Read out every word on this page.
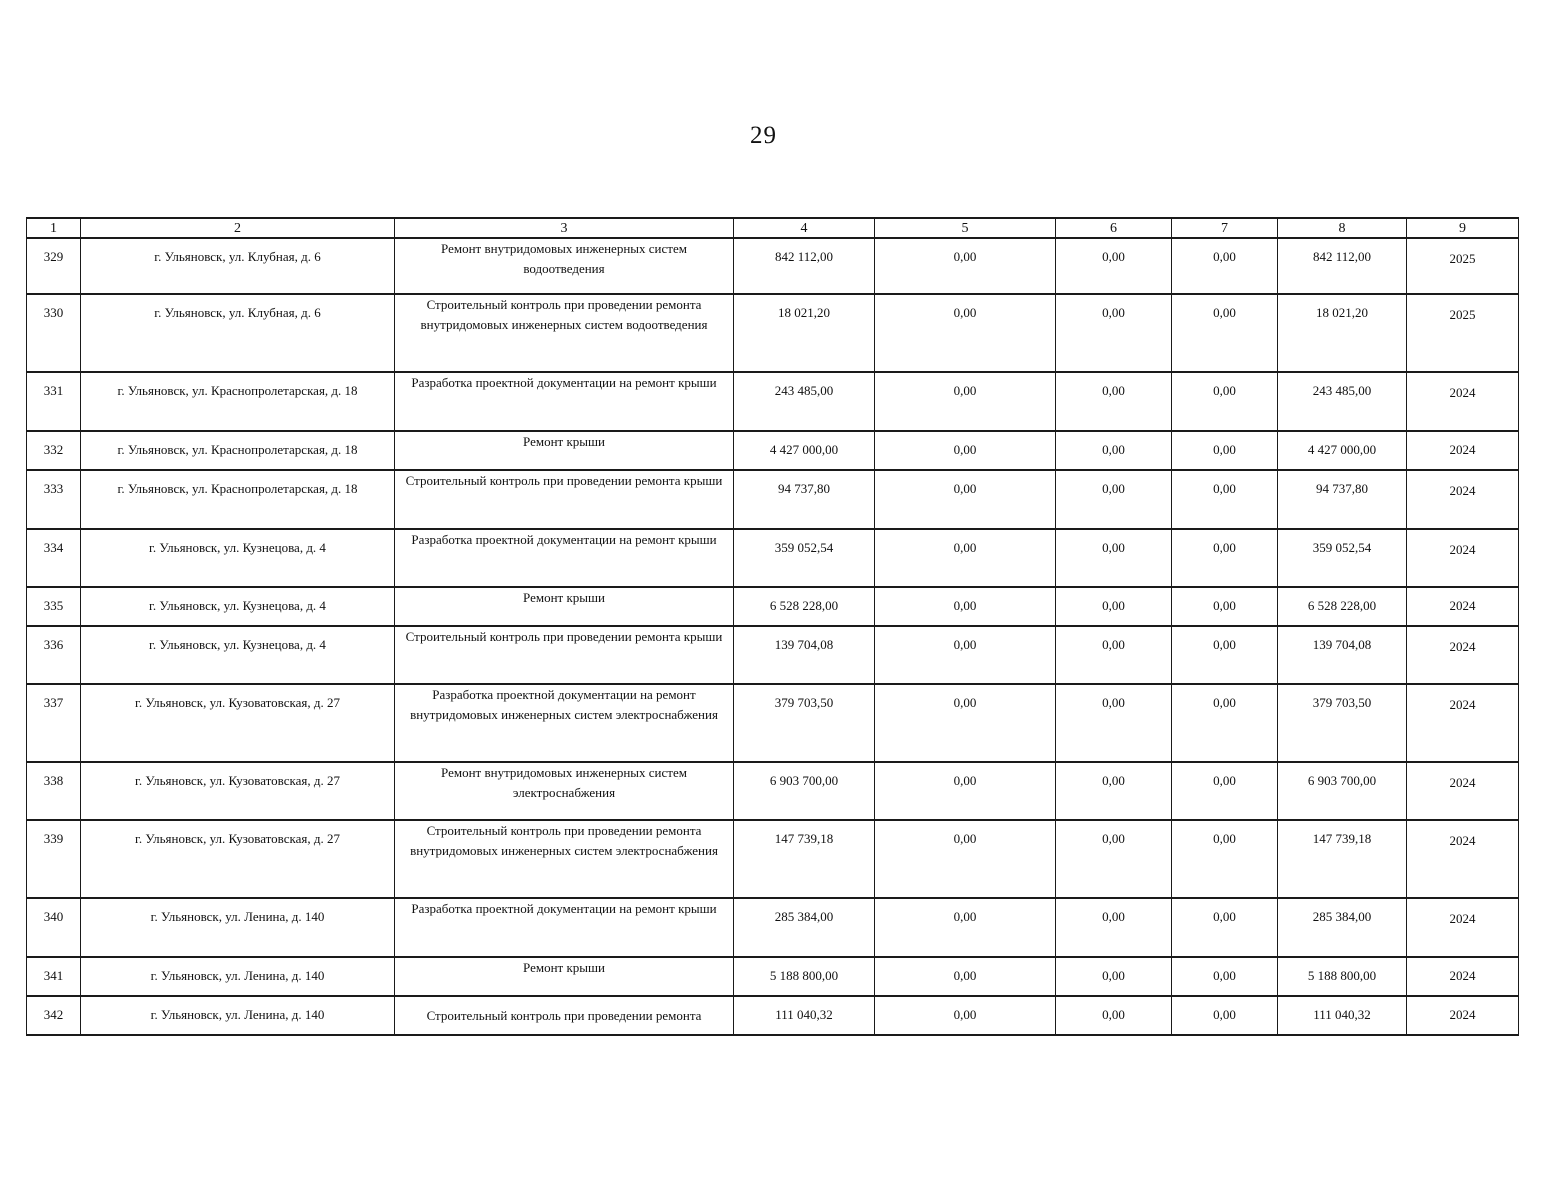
29
1	2	3	4	5	6	7	8	9
329	г. Ульяновск, ул. Клубная, д. 6	Ремонт внутридомовых инженерных систем водоотведения	842 112,00	0,00	0,00	0,00	842 112,00	2025
330	г. Ульяновск, ул. Клубная, д. 6	Строительный контроль при проведении ремонта внутридомовых инженерных систем водоотведения	18 021,20	0,00	0,00	0,00	18 021,20	2025
331	г. Ульяновск, ул. Краснопролетарская, д. 18	Разработка проектной документации на ремонт крыши	243 485,00	0,00	0,00	0,00	243 485,00	2024
332	г. Ульяновск, ул. Краснопролетарская, д. 18	Ремонт крыши	4 427 000,00	0,00	0,00	0,00	4 427 000,00	2024
333	г. Ульяновск, ул. Краснопролетарская, д. 18	Строительный контроль при проведении ремонта крыши	94 737,80	0,00	0,00	0,00	94 737,80	2024
334	г. Ульяновск, ул. Кузнецова, д. 4	Разработка проектной документации на ремонт крыши	359 052,54	0,00	0,00	0,00	359 052,54	2024
335	г. Ульяновск, ул. Кузнецова, д. 4	Ремонт крыши	6 528 228,00	0,00	0,00	0,00	6 528 228,00	2024
336	г. Ульяновск, ул. Кузнецова, д. 4	Строительный контроль при проведении ремонта крыши	139 704,08	0,00	0,00	0,00	139 704,08	2024
337	г. Ульяновск, ул. Кузоватовская, д. 27	Разработка проектной документации на ремонт внутридомовых инженерных систем электроснабжения	379 703,50	0,00	0,00	0,00	379 703,50	2024
338	г. Ульяновск, ул. Кузоватовская, д. 27	Ремонт внутридомовых инженерных систем электроснабжения	6 903 700,00	0,00	0,00	0,00	6 903 700,00	2024
339	г. Ульяновск, ул. Кузоватовская, д. 27	Строительный контроль при проведении ремонта внутридомовых инженерных систем электроснабжения	147 739,18	0,00	0,00	0,00	147 739,18	2024
340	г. Ульяновск, ул. Ленина, д. 140	Разработка проектной документации на ремонт крыши	285 384,00	0,00	0,00	0,00	285 384,00	2024
341	г. Ульяновск, ул. Ленина, д. 140	Ремонт крыши	5 188 800,00	0,00	0,00	0,00	5 188 800,00	2024
342	г. Ульяновск, ул. Ленина, д. 140	Строительный контроль при проведении ремонта	111 040,32	0,00	0,00	0,00	111 040,32	2024
